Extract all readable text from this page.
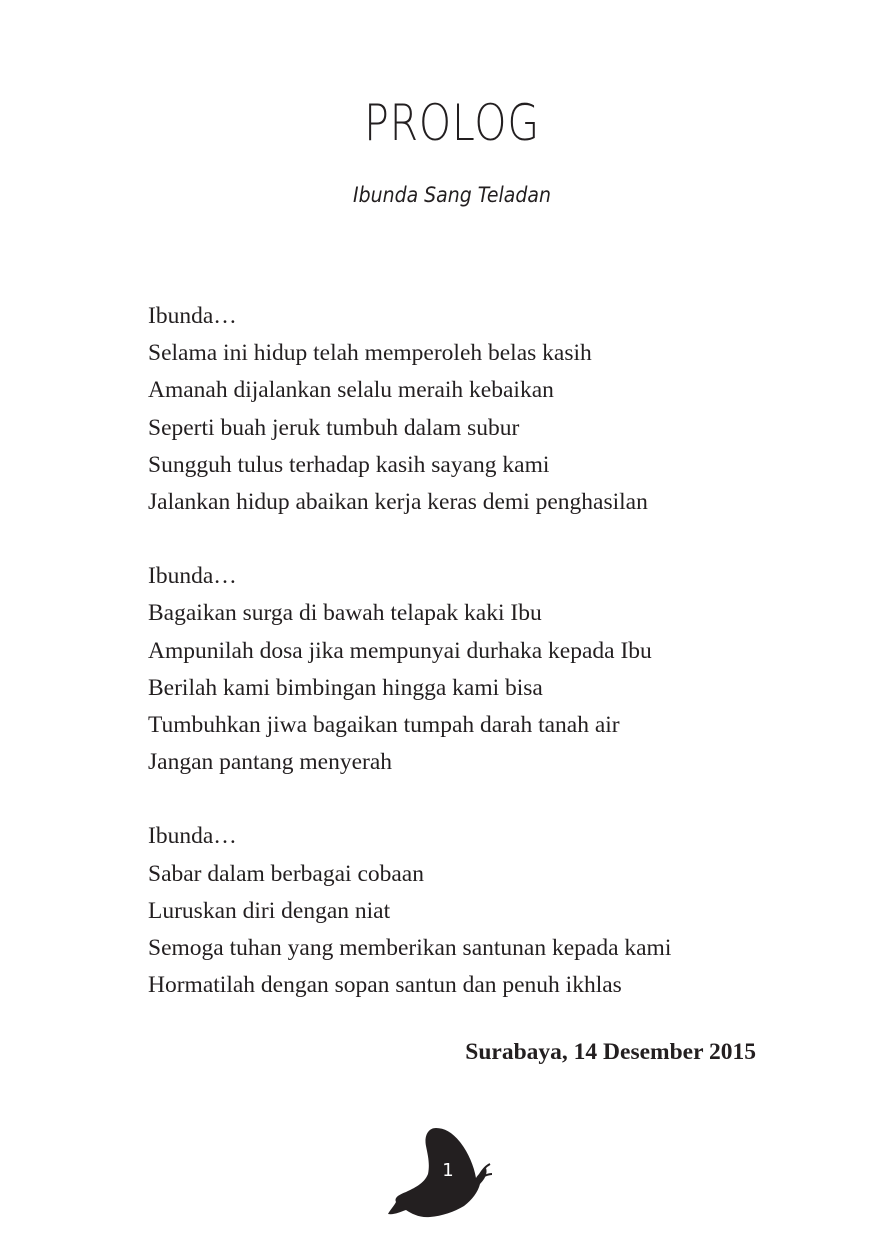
PROLOG
Ibunda Sang Teladan
Ibunda…
Selama ini hidup telah memperoleh belas kasih
Amanah dijalankan selalu meraih kebaikan
Seperti buah jeruk tumbuh dalam subur
Sungguh tulus terhadap kasih sayang kami
Jalankan hidup abaikan kerja keras demi penghasilan
Ibunda…
Bagaikan surga di bawah telapak kaki Ibu
Ampunilah dosa jika mempunyai durhaka kepada Ibu
Berilah kami bimbingan hingga kami bisa
Tumbuhkan jiwa bagaikan tumpah darah tanah air
Jangan pantang menyerah
Ibunda…
Sabar dalam berbagai cobaan
Luruskan diri dengan niat
Semoga tuhan yang memberikan santunan kepada kami
Hormatilah dengan sopan santun dan penuh ikhlas
Surabaya, 14 Desember 2015
1
